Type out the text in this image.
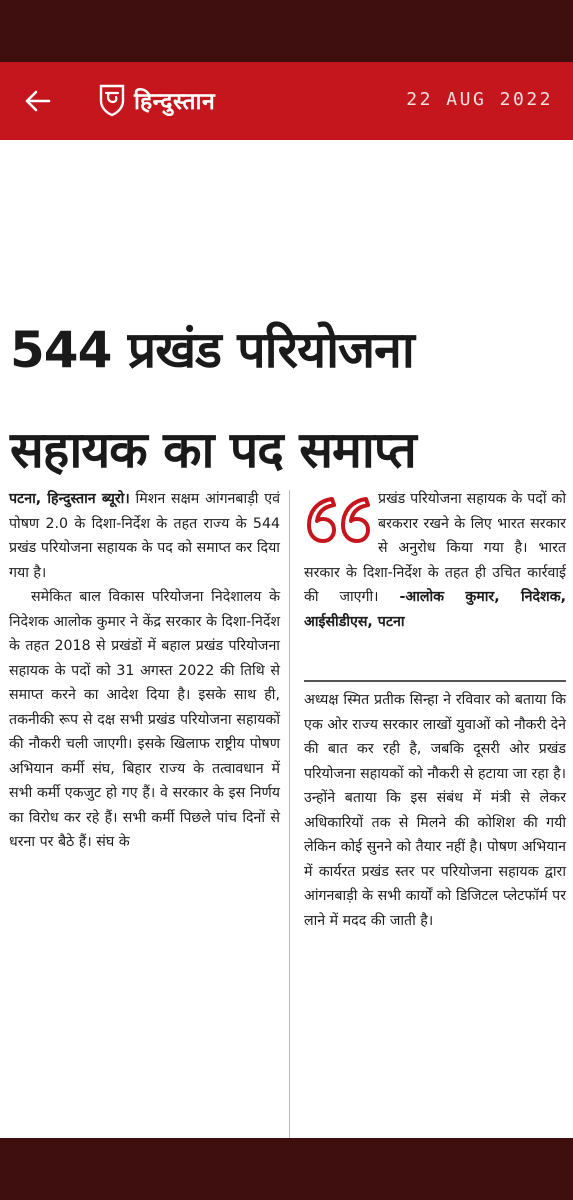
हिन्दुस्तान	22 AUG 2022
544 प्रखंड परियोजना
सहायक का पद समाप्त

पटना, हिन्दुस्तान ब्यूरो। मिशन सक्षम आंगनबाड़ी एवं पोषण 2.0 के दिशा-निर्देश के तहत राज्य के 544 प्रखंड परियोजना सहायक के पद को समाप्त कर दिया गया है।

समेकित बाल विकास परियोजना निदेशालय के निदेशक आलोक कुमार ने केंद्र सरकार के दिशा-निर्देश के तहत 2018 से प्रखंडों में बहाल प्रखंड परियोजना सहायक के पदों को 31 अगस्त 2022 की तिथि से समाप्त करने का आदेश दिया है। इसके साथ ही, तकनीकी रूप से दक्ष सभी प्रखंड परियोजना सहायकों की नौकरी चली जाएगी। इसके खिलाफ राष्ट्रीय पोषण अभियान कर्मी संघ, बिहार राज्य के तत्वावधान में सभी कर्मी एकजुट हो गए हैं। वे सरकार के इस निर्णय का विरोध कर रहे हैं। सभी कर्मी पिछले पांच दिनों से धरना पर बैठे हैं। संघ के

प्रखंड परियोजना सहायक के पदों को बरकरार रखने के लिए भारत सरकार से अनुरोध किया गया है। भारत सरकार के दिशा-निर्देश के तहत ही उचित कार्रवाई की जाएगी। -आलोक कुमार, निदेशक, आईसीडीएस, पटना

अध्यक्ष स्मित प्रतीक सिन्हा ने रविवार को बताया कि एक ओर राज्य सरकार लाखों युवाओं को नौकरी देने की बात कर रही है, जबकि दूसरी ओर प्रखंड परियोजना सहायकों को नौकरी से हटाया जा रहा है। उन्होंने बताया कि इस संबंध में मंत्री से लेकर अधिकारियों तक से मिलने की कोशिश की गयी लेकिन कोई सुनने को तैयार नहीं है। पोषण अभियान में कार्यरत प्रखंड स्तर पर परियोजना सहायक द्वारा आंगनबाड़ी के सभी कार्यों को डिजिटल प्लेटफॉर्म पर लाने में मदद की जाती है।
